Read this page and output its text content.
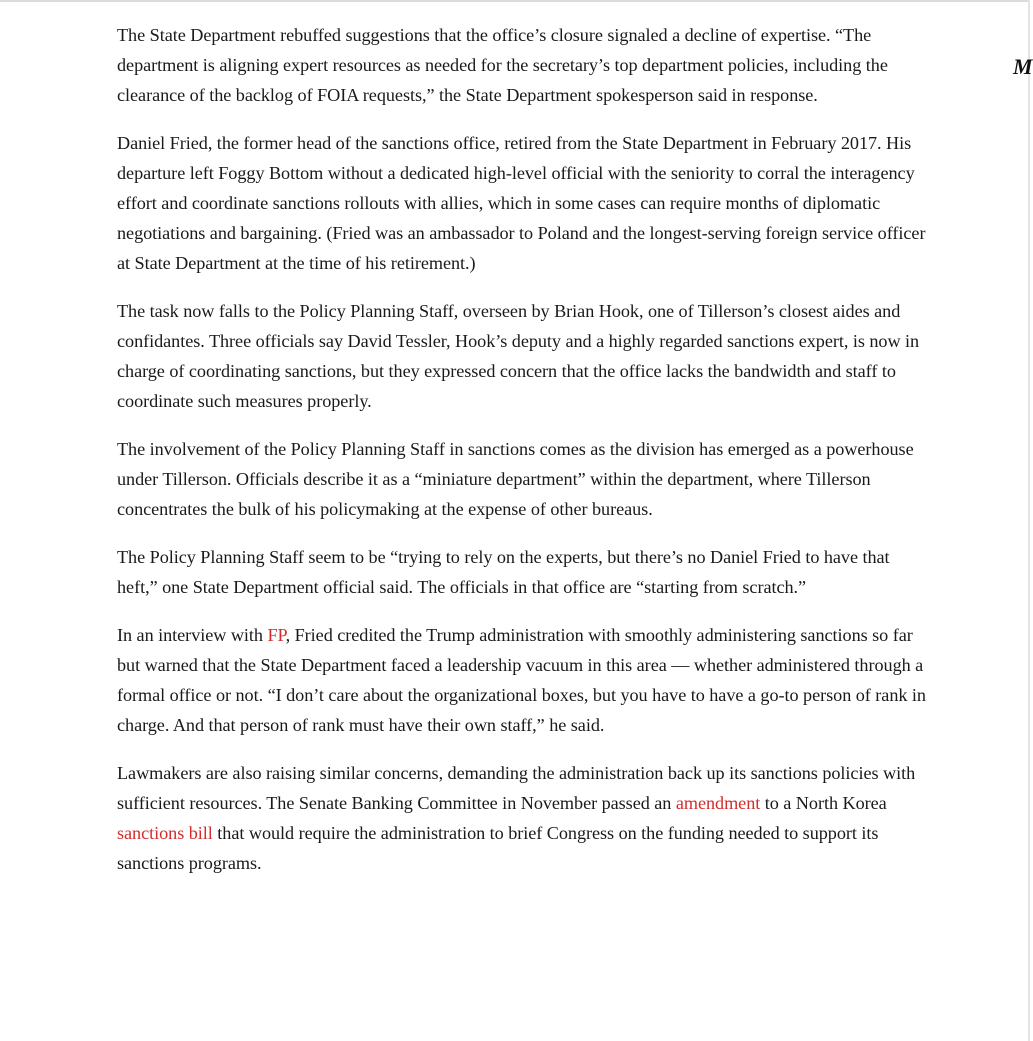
M

The State Department rebuffed suggestions that the office’s closure signaled a decline of expertise. “The department is aligning expert resources as needed for the secretary’s top department policies, including the clearance of the backlog of FOIA requests,” the State Department spokesperson said in response.

Daniel Fried, the former head of the sanctions office, retired from the State Department in February 2017. His departure left Foggy Bottom without a dedicated high-level official with the seniority to corral the interagency effort and coordinate sanctions rollouts with allies, which in some cases can require months of diplomatic negotiations and bargaining. (Fried was an ambassador to Poland and the longest-serving foreign service officer at State Department at the time of his retirement.)

The task now falls to the Policy Planning Staff, overseen by Brian Hook, one of Tillerson’s closest aides and confidantes. Three officials say David Tessler, Hook’s deputy and a highly regarded sanctions expert, is now in charge of coordinating sanctions, but they expressed concern that the office lacks the bandwidth and staff to coordinate such measures properly.

The involvement of the Policy Planning Staff in sanctions comes as the division has emerged as a powerhouse under Tillerson. Officials describe it as a “miniature department” within the department, where Tillerson concentrates the bulk of his policymaking at the expense of other bureaus.

The Policy Planning Staff seem to be “trying to rely on the experts, but there’s no Daniel Fried to have that heft,” one State Department official said. The officials in that office are “starting from scratch.”

In an interview with FP, Fried credited the Trump administration with smoothly administering sanctions so far but warned that the State Department faced a leadership vacuum in this area — whether administered through a formal office or not. “I don’t care about the organizational boxes, but you have to have a go-to person of rank in charge. And that person of rank must have their own staff,” he said.

Lawmakers are also raising similar concerns, demanding the administration back up its sanctions policies with sufficient resources. The Senate Banking Committee in November passed an amendment to a North Korea sanctions bill that would require the administration to brief Congress on the funding needed to support its sanctions programs.
